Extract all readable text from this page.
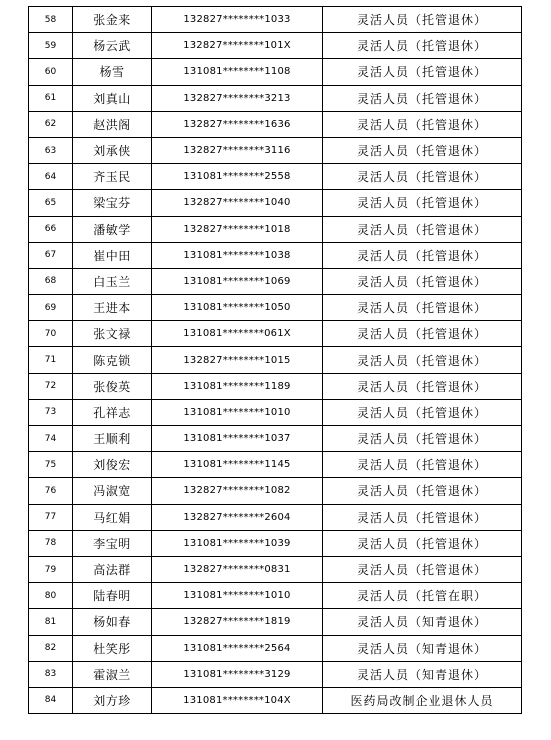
58	张金来	132827********1033	灵活人员（托管退休）
59	杨云武	132827********101X	灵活人员（托管退休）
60	杨雪	131081********1108	灵活人员（托管退休）
61	刘真山	132827********3213	灵活人员（托管退休）
62	赵洪阁	132827********1636	灵活人员（托管退休）
63	刘承侠	132827********3116	灵活人员（托管退休）
64	齐玉民	131081********2558	灵活人员（托管退休）
65	梁宝芬	132827********1040	灵活人员（托管退休）
66	潘敏学	132827********1018	灵活人员（托管退休）
67	崔中田	131081********1038	灵活人员（托管退休）
68	白玉兰	131081********1069	灵活人员（托管退休）
69	王进本	131081********1050	灵活人员（托管退休）
70	张文禄	131081********061X	灵活人员（托管退休）
71	陈克锁	132827********1015	灵活人员（托管退休）
72	张俊英	131081********1189	灵活人员（托管退休）
73	孔祥志	131081********1010	灵活人员（托管退休）
74	王顺利	131081********1037	灵活人员（托管退休）
75	刘俊宏	131081********1145	灵活人员（托管退休）
76	冯淑宽	132827********1082	灵活人员（托管退休）
77	马红娟	132827********2604	灵活人员（托管退休）
78	李宝明	131081********1039	灵活人员（托管退休）
79	高法群	132827********0831	灵活人员（托管退休）
80	陆春明	131081********1010	灵活人员（托管在职）
81	杨如春	132827********1819	灵活人员（知青退休）
82	杜笑彤	131081********2564	灵活人员（知青退休）
83	霍淑兰	131081********3129	灵活人员（知青退休）
84	刘方珍	131081********104X	医药局改制企业退休人员
